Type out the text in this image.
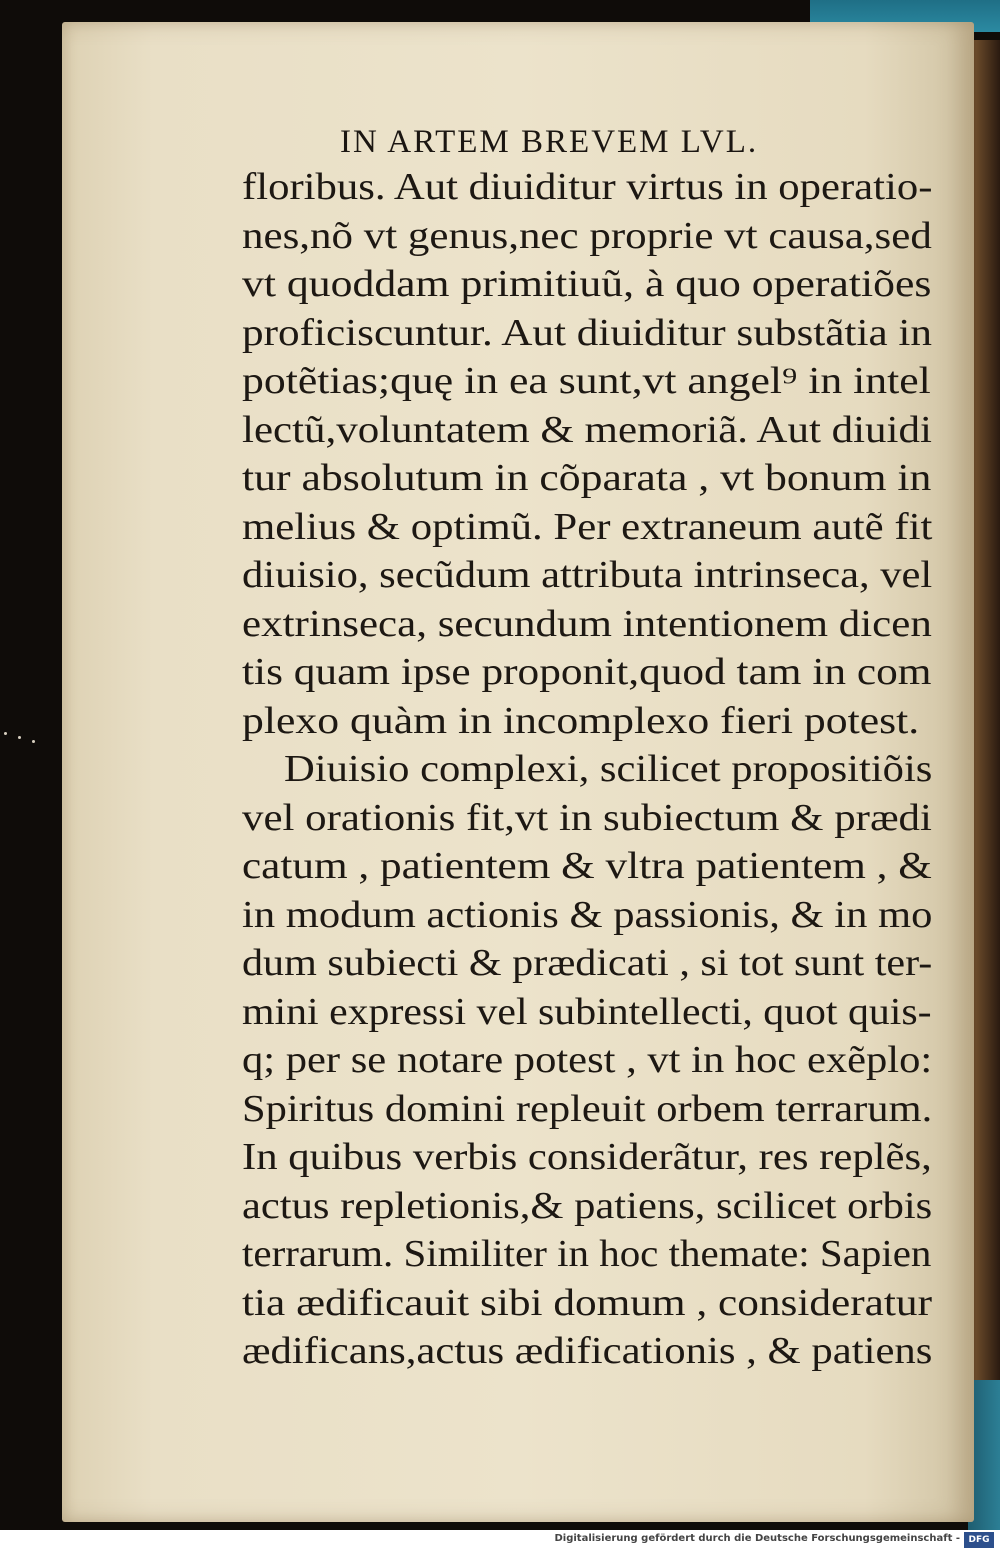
IN ARTEM BREVEM LVL.
floribus. Aut diuiditur virtus in operatio-
nes,nõ vt genus,nec proprie vt causa,sed
vt quoddam primitiuũ, à quo operatiões
proficiscuntur. Aut diuiditur substãtia in
potẽtias;quę in ea sunt,vt angel⁹ in intel
lectũ,voluntatem & memoriã. Aut diuidi
tur absolutum in cõparata , vt bonum in
melius & optimũ. Per extraneum autẽ fit
diuisio, secũdum attributa intrinseca, vel
extrinseca, secundum intentionem dicen
tis quam ipse proponit,quod tam in com
plexo quàm in incomplexo fieri potest.
Diuisio complexi, scilicet propositiõis
vel orationis fit,vt in subiectum & prædi
catum , patientem & vltra patientem , &
in modum actionis & passionis, & in mo
dum subiecti & prædicati , si tot sunt ter-
mini expressi vel subintellecti, quot quis-
q; per se notare potest , vt in hoc exẽplo:
Spiritus domini repleuit orbem terrarum.
In quibus verbis considerãtur, res replẽs,
actus repletionis,& patiens, scilicet orbis
terrarum. Similiter in hoc themate: Sapien
tia ædificauit sibi domum , consideratur
ædificans,actus ædificationis , & patiens
Digitalisierung gefördert durch die Deutsche Forschungsgemeinschaft - DFG
